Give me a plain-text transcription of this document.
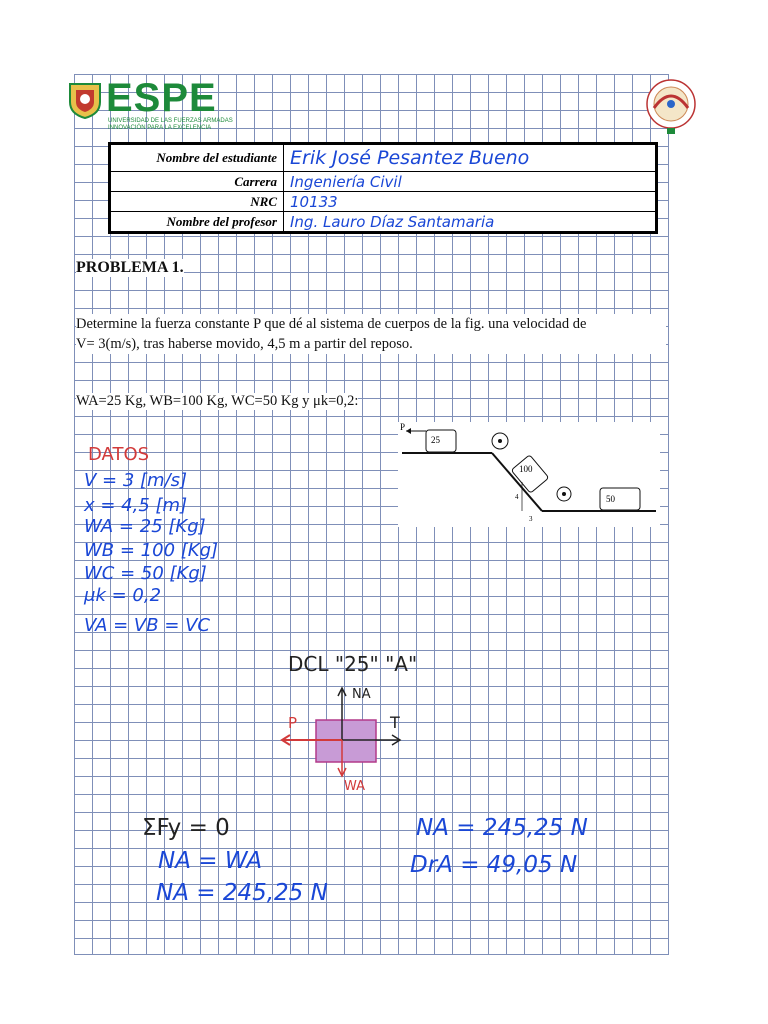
ESPE
UNIVERSIDAD DE LAS FUERZAS ARMADAS
INNOVACIÓN PARA LA EXCELENCIA
Nombre del estudiante	Erik José Pesantez Bueno
Carrera	Ingeniería Civil
NRC	10133
Nombre del profesor	Ing. Lauro Díaz Santamaria
PROBLEMA 1.
Determine la fuerza constante P que dé al sistema de cuerpos de la fig. una velocidad de
V= 3(m/s), tras haberse movido, 4,5 m a partir del reposo.
WA=25 Kg, WB=100 Kg, WC=50 Kg y μk=0,2:
P
25
100
50
4
3
DATOS
V = 3 [m/s]
x = 4,5 [m]
WA = 25 [Kg]
WB = 100 [Kg]
WC = 50 [Kg]
μk = 0,2
VA = VB = VC
DCL "25" "A"
NA
P	T
WA
ΣFy = 0
NA = WA
NA = 245,25 N
NA = 245,25 N
DrA = 49,05 N
